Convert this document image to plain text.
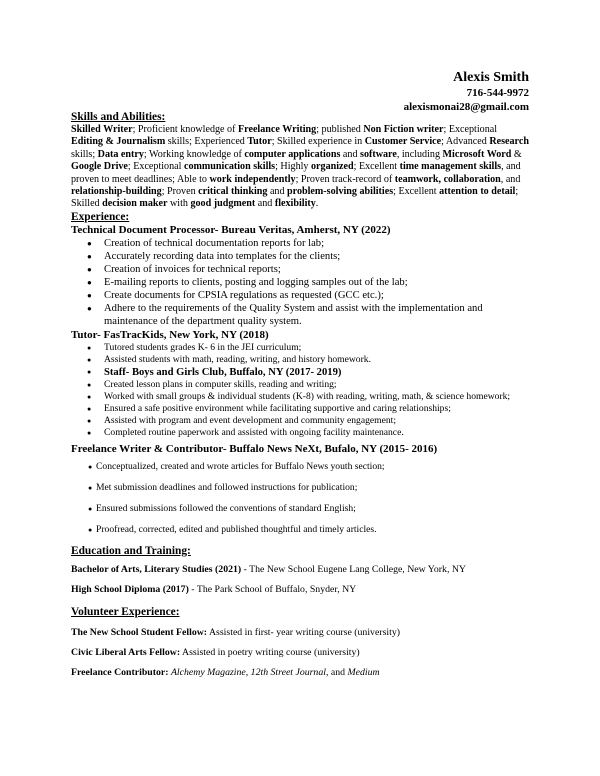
Alexis Smith
716-544-9972
alexismonai28@gmail.com

Skills and Abilities:

Skilled Writer; Proficient knowledge of Freelance Writing; published Non Fiction writer; Exceptional Editing & Journalism skills; Experienced Tutor; Skilled experience in Customer Service; Advanced Research skills; Data entry; Working knowledge of computer applications and software, including Microsoft Word & Google Drive; Exceptional communication skills; Highly organized; Excellent time management skills, and proven to meet deadlines; Able to work independently; Proven track-record of teamwork, collaboration, and relationship-building; Proven critical thinking and problem-solving abilities; Excellent attention to detail; Skilled decision maker with good judgment and flexibility.

Experience:

Technical Document Processor- Bureau Veritas, Amherst, NY (2022)

● Creation of technical documentation reports for lab;
● Accurately recording data into templates for the clients;
● Creation of invoices for technical reports;
● E-mailing reports to clients, posting and logging samples out of the lab;
● Create documents for CPSIA regulations as requested (GCC etc.);
● Adhere to the requirements of the Quality System and assist with the implementation and maintenance of the department quality system.

Tutor- FasTracKids, New York, NY (2018)

● Tutored students grades K- 6 in the JEI curriculum;
● Assisted students with math, reading, writing, and history homework.
● Staff- Boys and Girls Club, Buffalo, NY (2017- 2019)
● Created lesson plans in computer skills, reading and writing;
● Worked with small groups & individual students (K-8) with reading, writing, math, & science homework;
● Ensured a safe positive environment while facilitating supportive and caring relationships;
● Assisted with program and event development and community engagement;
● Completed routine paperwork and assisted with ongoing facility maintenance.

Freelance Writer & Contributor- Buffalo News NeXt, Bufalo, NY (2015- 2016)

● Conceptualized, created and wrote articles for Buffalo News youth section;
● Met submission deadlines and followed instructions for publication;
● Ensured submissions followed the conventions of standard English;
● Proofread, corrected, edited and published thoughtful and timely articles.

Education and Training:

Bachelor of Arts, Literary Studies (2021) - The New School Eugene Lang College, New York, NY

High School Diploma (2017) - The Park School of Buffalo, Snyder, NY

Volunteer Experience:

The New School Student Fellow: Assisted in first- year writing course (university)

Civic Liberal Arts Fellow: Assisted in poetry writing course (university)

Freelance Contributor: Alchemy Magazine, 12th Street Journal, and Medium
